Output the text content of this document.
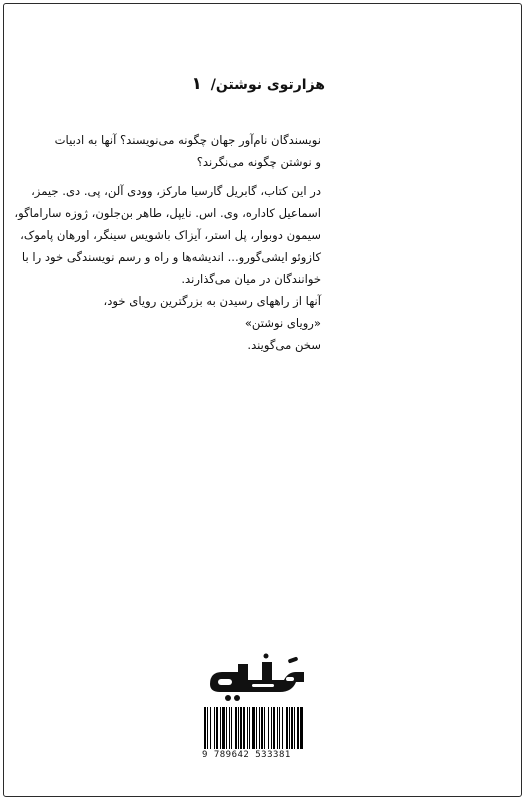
هزارتوی نوشتن/ ۱

نویسندگان نام‌آور جهان چگونه می‌نویسند؟ آنها به ادبیات

و نوشتن چگونه می‌نگرند؟

در این کتاب، گابریل گارسیا مارکز، وودی آلن، پی. دی. جیمز،

اسماعیل کاداره، وی. اس. نایپل، طاهر بن‌جلون، ژوزه ساراماگو،

سیمون دوبوار، پل استر، آیزاک باشویس سینگر، اورهان پاموک،

کازوئو ایشی‌گورو... اندیشه‌ها و راه و رسم نویسندگی خود را با

خوانندگان در میان می‌گذارند.

آنها از راههای رسیدن به بزرگترین رویای خود،

«رویای نوشتن»

سخن می‌گویند.

9 789642 533381
